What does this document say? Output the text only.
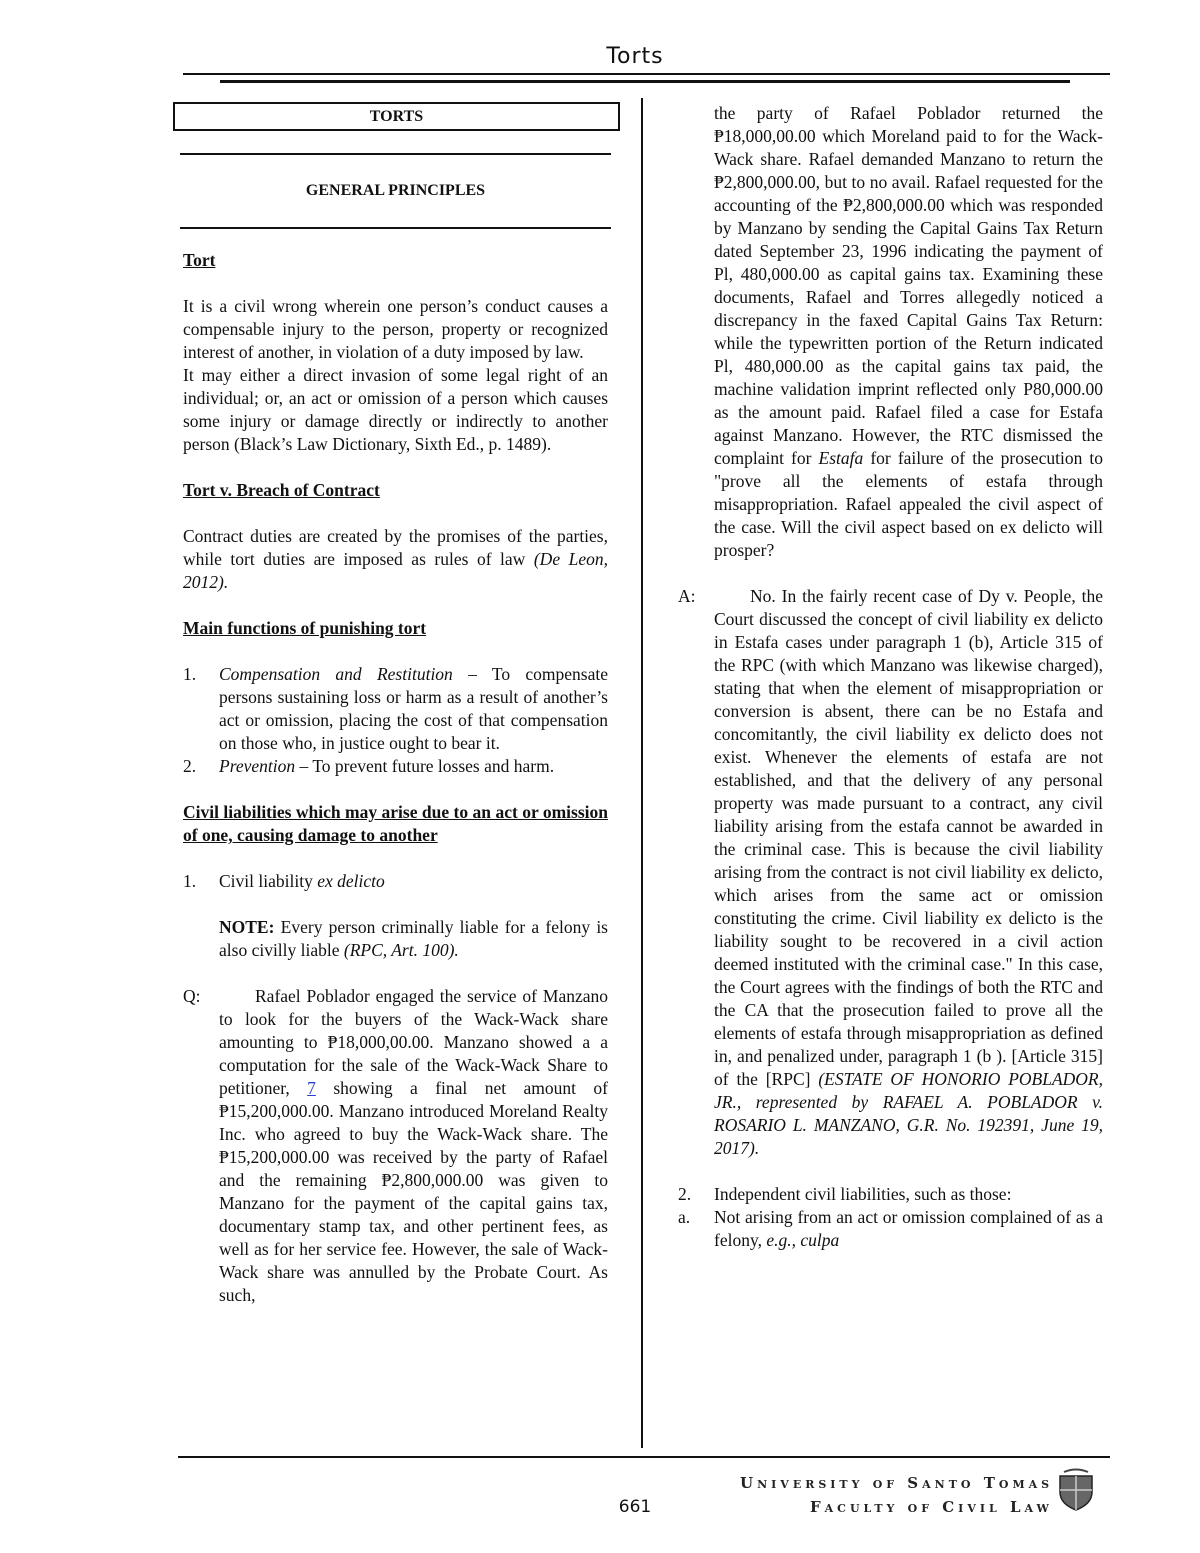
Torts
TORTS

GENERAL PRINCIPLES

Tort

It is a civil wrong wherein one person’s conduct causes a compensable injury to the person, property or recognized interest of another, in violation of a duty imposed by law.

It may either a direct invasion of some legal right of an individual; or, an act or omission of a person which causes some injury or damage directly or indirectly to another person (Black’s Law Dictionary, Sixth Ed., p. 1489).

Tort v. Breach of Contract

Contract duties are created by the promises of the parties, while tort duties are imposed as rules of law (De Leon, 2012).

Main functions of punishing tort

1.	Compensation and Restitution – To compensate persons sustaining loss or harm as a result of another’s act or omission, placing the cost of that compensation on those who, in justice ought to bear it.
2.	Prevention – To prevent future losses and harm.

Civil liabilities which may arise due to an act or omission of one, causing damage to another

1.	Civil liability ex delicto
NOTE: Every person criminally liable for a felony is also civilly liable (RPC, Art. 100).
Q:	Rafael Poblador engaged the service of Manzano to look for the buyers of the Wack-Wack share amounting to ₱18,000,00.00. Manzano showed a a computation for the sale of the Wack-Wack Share to petitioner, 7 showing a final net amount of ₱15,200,000.00. Manzano introduced Moreland Realty Inc. who agreed to buy the Wack-Wack share. The ₱15,200,000.00 was received by the party of Rafael and the remaining ₱2,800,000.00 was given to Manzano for the payment of the capital gains tax, documentary stamp tax, and other pertinent fees, as well as for her service fee. However, the sale of Wack-Wack share was annulled by the Probate Court. As such,
the party of Rafael Poblador returned the ₱18,000,00.00 which Moreland paid to for the Wack-Wack share. Rafael demanded Manzano to return the ₱2,800,000.00, but to no avail. Rafael requested for the accounting of the ₱2,800,000.00 which was responded by Manzano by sending the Capital Gains Tax Return dated September 23, 1996 indicating the payment of Pl, 480,000.00 as capital gains tax. Examining these documents, Rafael and Torres allegedly noticed a discrepancy in the faxed Capital Gains Tax Return: while the typewritten portion of the Return indicated Pl, 480,000.00 as the capital gains tax paid, the machine validation imprint reflected only P80,000.00 as the amount paid. Rafael filed a case for Estafa against Manzano. However, the RTC dismissed the complaint for Estafa for failure of the prosecution to "prove all the elements of estafa through misappropriation. Rafael appealed the civil aspect of the case. Will the civil aspect based on ex delicto will prosper?
A:	No. In the fairly recent case of Dy v. People, the Court discussed the concept of civil liability ex delicto in Estafa cases under paragraph 1 (b), Article 315 of the RPC (with which Manzano was likewise charged), stating that when the element of misappropriation or conversion is absent, there can be no Estafa and concomitantly, the civil liability ex delicto does not exist. Whenever the elements of estafa are not established, and that the delivery of any personal property was made pursuant to a contract, any civil liability arising from the estafa cannot be awarded in the criminal case. This is because the civil liability arising from the contract is not civil liability ex delicto, which arises from the same act or omission constituting the crime. Civil liability ex delicto is the liability sought to be recovered in a civil action deemed instituted with the criminal case." In this case, the Court agrees with the findings of both the RTC and the CA that the prosecution failed to prove all the elements of estafa through misappropriation as defined in, and penalized under, paragraph 1 (b ). [Article 315] of the [RPC] (ESTATE OF HONORIO POBLADOR, JR., represented by RAFAEL A. POBLADOR v. ROSARIO L. MANZANO, G.R. No. 192391, June 19, 2017).
2.	Independent civil liabilities, such as those:
a.	Not arising from an act or omission complained of as a felony, e.g., culpa
661
University of Santo Tomas
Faculty of Civil Law
